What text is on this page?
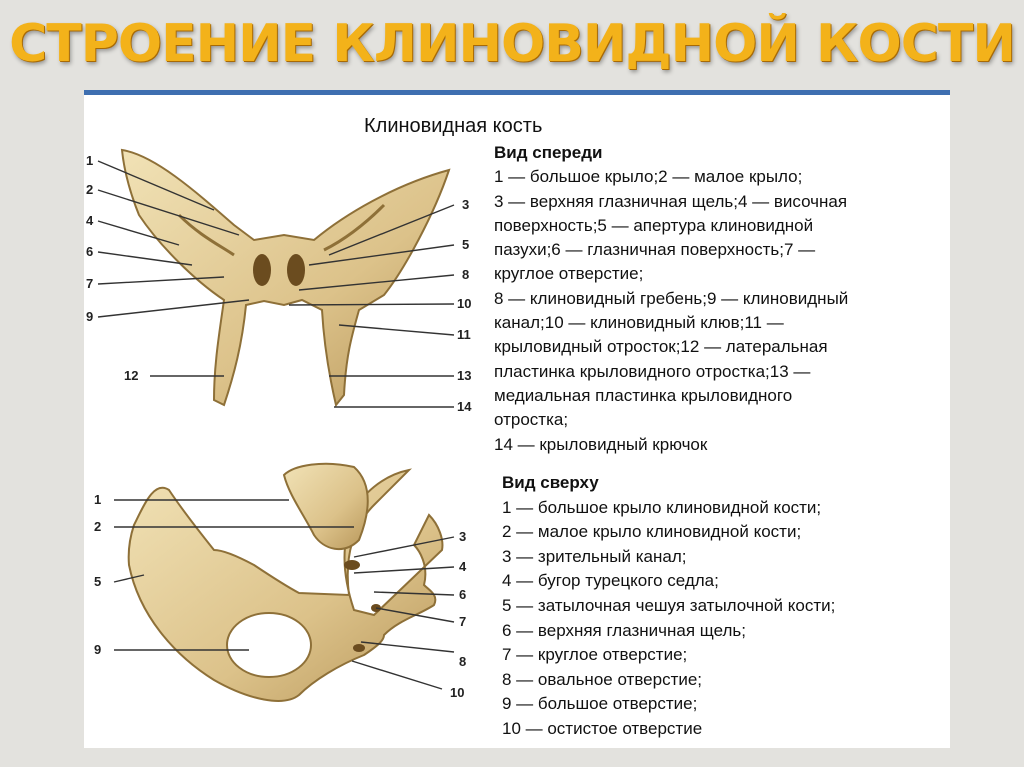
СТРОЕНИЕ КЛИНОВИДНОЙ КОСТИ
1
2
4
6
7
9
12
3
5
8
10
11
13
14
1
2
5
9
3
4
6
7
8
10
Клиновидная кость
Вид спереди
1 — большое крыло;2 — малое крыло;
3 — верхняя глазничная щель;4 — височная
поверхность;5 — апертура клиновидной
пазухи;6 — глазничная поверхность;7 —
круглое отверстие;
8 — клиновидный гребень;9 — клиновидный
канал;10 — клиновидный клюв;11 —
крыловидный отросток;12 — латеральная
пластинка крыловидного отростка;13 —
медиальная пластинка крыловидного
отростка;
14 — крыловидный крючок
Вид сверху
1 — большое крыло клиновидной кости;
2 — малое крыло клиновидной кости;
3 — зрительный канал;
4 — бугор турецкого седла;
5 — затылочная чешуя затылочной кости;
6 — верхняя глазничная щель;
7 — круглое отверстие;
8 — овальное отверстие;
9 — большое отверстие;
10 — остистое отверстие
